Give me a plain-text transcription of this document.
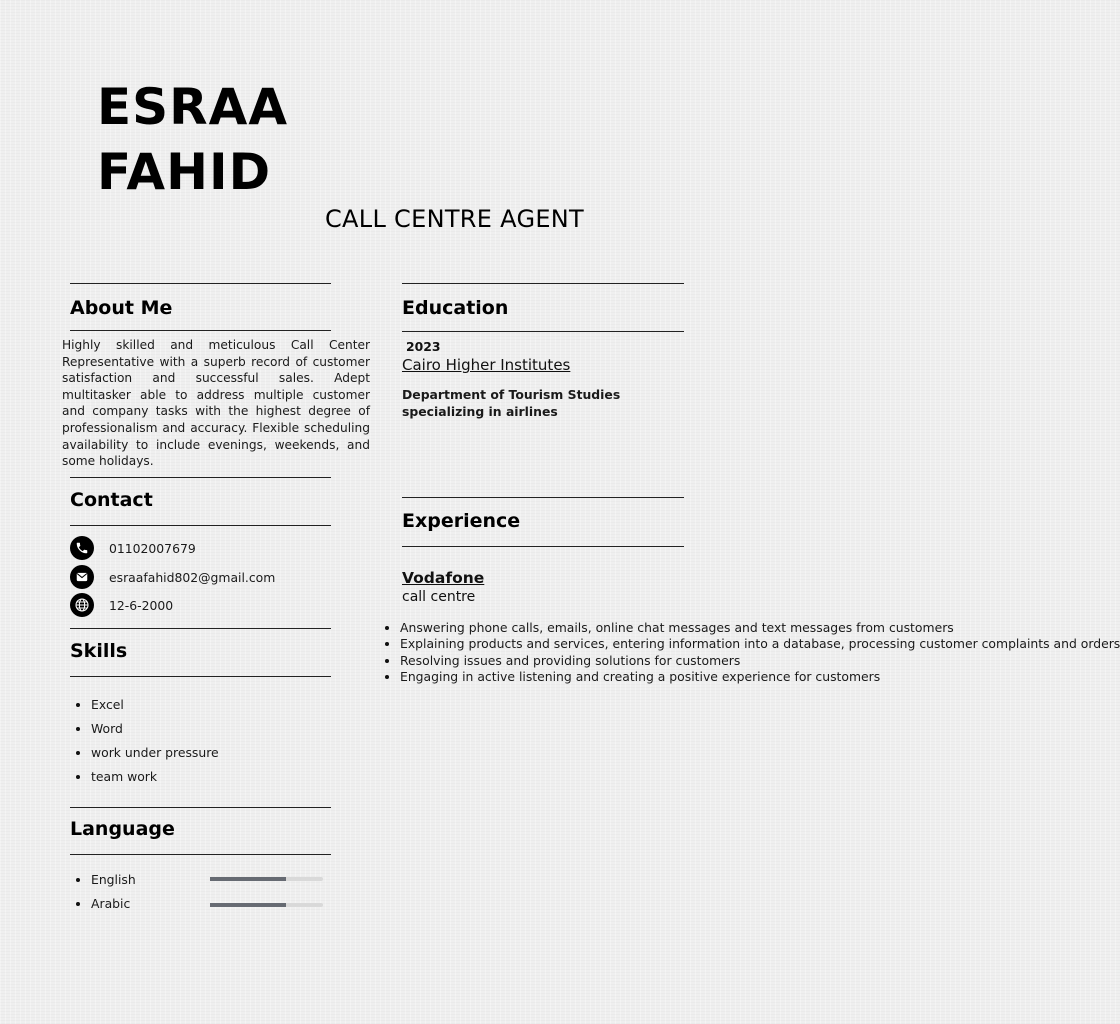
ESRAA
FAHID
CALL CENTRE AGENT
About Me
Highly skilled and meticulous Call Center Representative with a superb record of customer satisfaction and successful sales. Adept multitasker able to address multiple customer and company tasks with the highest degree of professionalism and accuracy. Flexible scheduling availability to include evenings, weekends, and some holidays.
Contact
01102007679
esraafahid802@gmail.com
12-6-2000
Skills
Excel
Word
work under pressure
team work
Language
English
Arabic
Education
2023
Cairo Higher Institutes
Department of Tourism Studies
specializing in airlines
Experience
Vodafone
call centre
Answering phone calls, emails, online chat messages and text messages from customers
Explaining products and services, entering information into a database, processing customer complaints and orders
Resolving issues and providing solutions for customers
Engaging in active listening and creating a positive experience for customers
